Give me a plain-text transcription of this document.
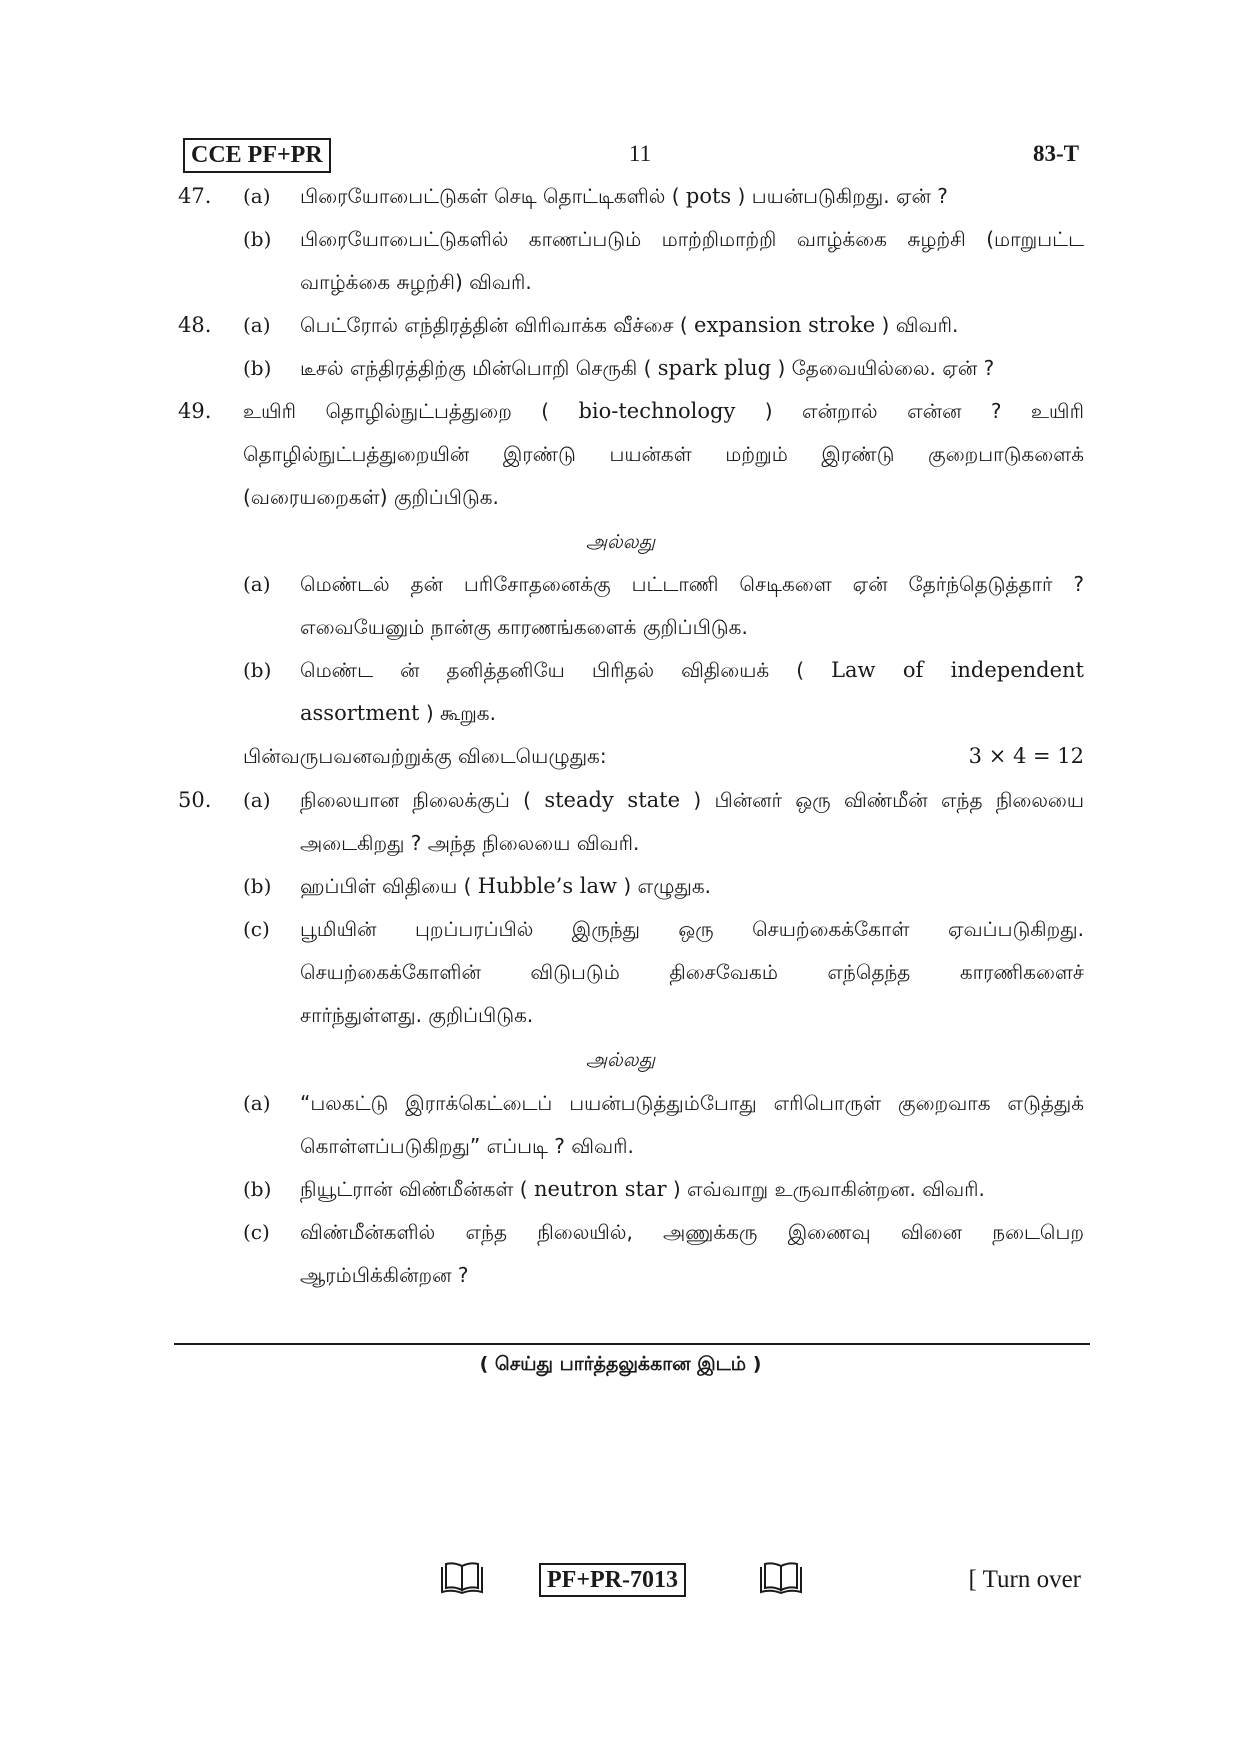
CCE PF+PR	11	83-T
47. (a) பிரையோபைட்டுகள் செடி தொட்டிகளில் ( pots ) பயன்படுகிறது. ஏன் ?
(b) பிரையோபைட்டுகளில் காணப்படும் மாற்றிமாற்றி வாழ்க்கை சுழற்சி (மாறுபட்ட
வாழ்க்கை சுழற்சி) விவரி.
48. (a) பெட்ரோல் எந்திரத்தின் விரிவாக்க வீச்சை ( expansion stroke ) விவரி.
(b) டீசல் எந்திரத்திற்கு மின்பொறி செருகி ( spark plug ) தேவையில்லை. ஏன் ?
49. உயிரி தொழில்நுட்பத்துறை ( bio-technology ) என்றால் என்ன ? உயிரி
தொழில்நுட்பத்துறையின் இரண்டு பயன்கள் மற்றும் இரண்டு குறைபாடுகளைக்
(வரையறைகள்) குறிப்பிடுக.
அல்லது
(a) மெண்டல் தன் பரிசோதனைக்கு பட்டாணி செடிகளை ஏன் தேர்ந்தெடுத்தார் ?
எவையேனும் நான்கு காரணங்களைக் குறிப்பிடுக.
(b) மெண்ட ன் தனித்தனியே பிரிதல் விதியைக் ( Law of independent
assortment ) கூறுக.
பின்வருபவனவற்றுக்கு விடையெழுதுக:	3 × 4 = 12
50. (a) நிலையான நிலைக்குப் ( steady state ) பின்னர் ஒரு விண்மீன் எந்த நிலையை
அடைகிறது ? அந்த நிலையை விவரி.
(b) ஹப்பிள் விதியை ( Hubble’s law ) எழுதுக.
(c) பூமியின் புறப்பரப்பில் இருந்து ஒரு செயற்கைக்கோள் ஏவப்படுகிறது.
செயற்கைக்கோளின் விடுபடும் திசைவேகம் எந்தெந்த காரணிகளைச்
சார்ந்துள்ளது. குறிப்பிடுக.
அல்லது
(a) “பலகட்டு இராக்கெட்டைப் பயன்படுத்தும்போது எரிபொருள் குறைவாக எடுத்துக்
கொள்ளப்படுகிறது” எப்படி ? விவரி.
(b) நியூட்ரான் விண்மீன்கள் ( neutron star ) எவ்வாறு உருவாகின்றன. விவரி.
(c) விண்மீன்களில் எந்த நிலையில், அணுக்கரு இணைவு வினை நடைபெற
ஆரம்பிக்கின்றன ?
( செய்து பார்த்தலுக்கான இடம் )
PF+PR-7013	[ Turn over
